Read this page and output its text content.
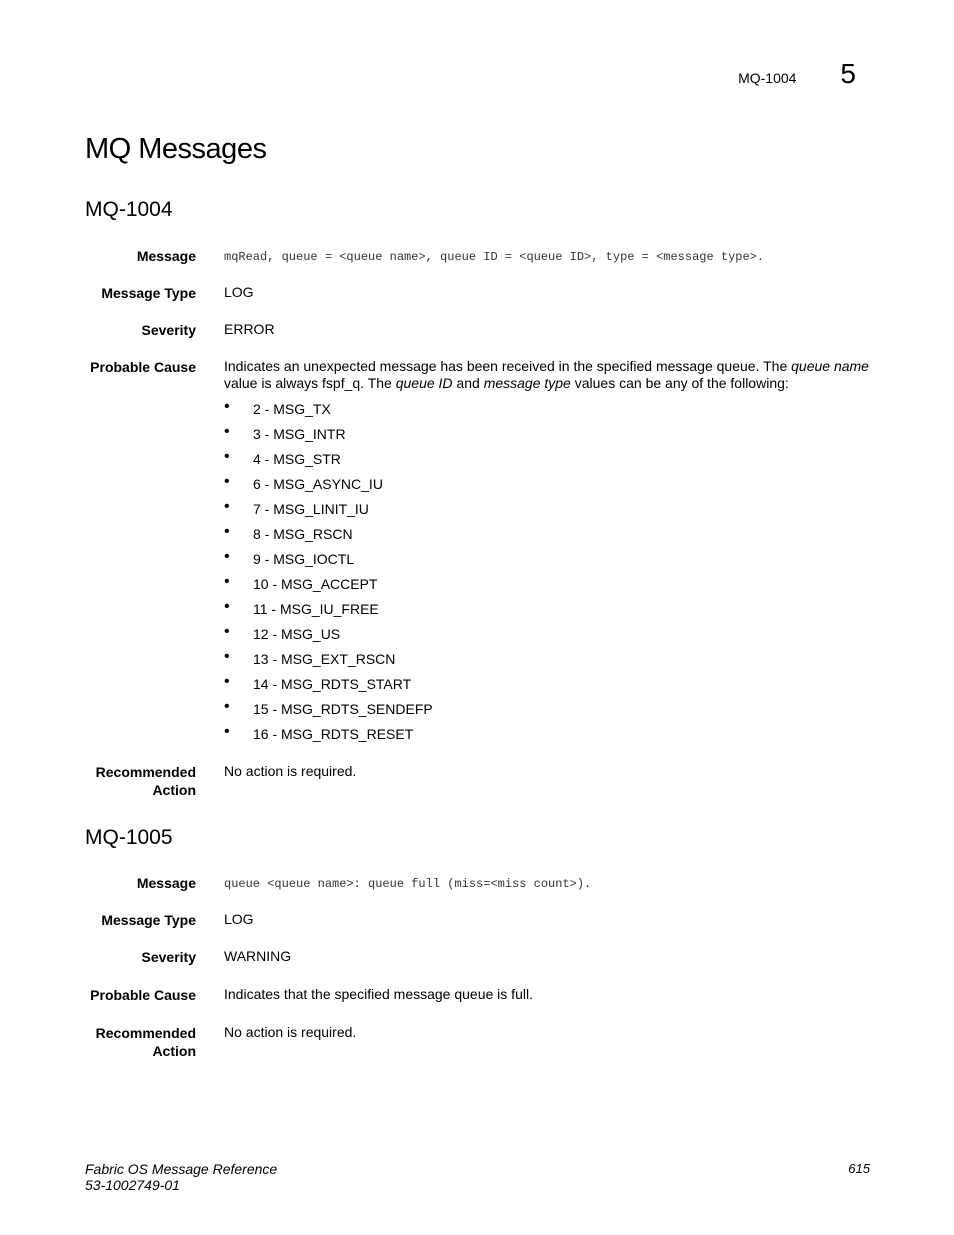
MQ-1004 5
MQ Messages
MQ-1004
Message mqRead, queue = <queue name>, queue ID = <queue ID>, type = <message type>.
Message Type LOG
Severity ERROR
Probable Cause Indicates an unexpected message has been received in the specified message queue. The queue name value is always fspf_q. The queue ID and message type values can be any of the following:
• 2 - MSG_TX
• 3 - MSG_INTR
• 4 - MSG_STR
• 6 - MSG_ASYNC_IU
• 7 - MSG_LINIT_IU
• 8 - MSG_RSCN
• 9 - MSG_IOCTL
• 10 - MSG_ACCEPT
• 11 - MSG_IU_FREE
• 12 - MSG_US
• 13 - MSG_EXT_RSCN
• 14 - MSG_RDTS_START
• 15 - MSG_RDTS_SENDEFP
• 16 - MSG_RDTS_RESET
Recommended
Action
No action is required.
MQ-1005
Message queue <queue name>: queue full (miss=<miss count>).
Message Type LOG
Severity WARNING
Probable Cause Indicates that the specified message queue is full.
Recommended
Action
No action is required.
Fabric OS Message Reference
53-1002749-01
615
